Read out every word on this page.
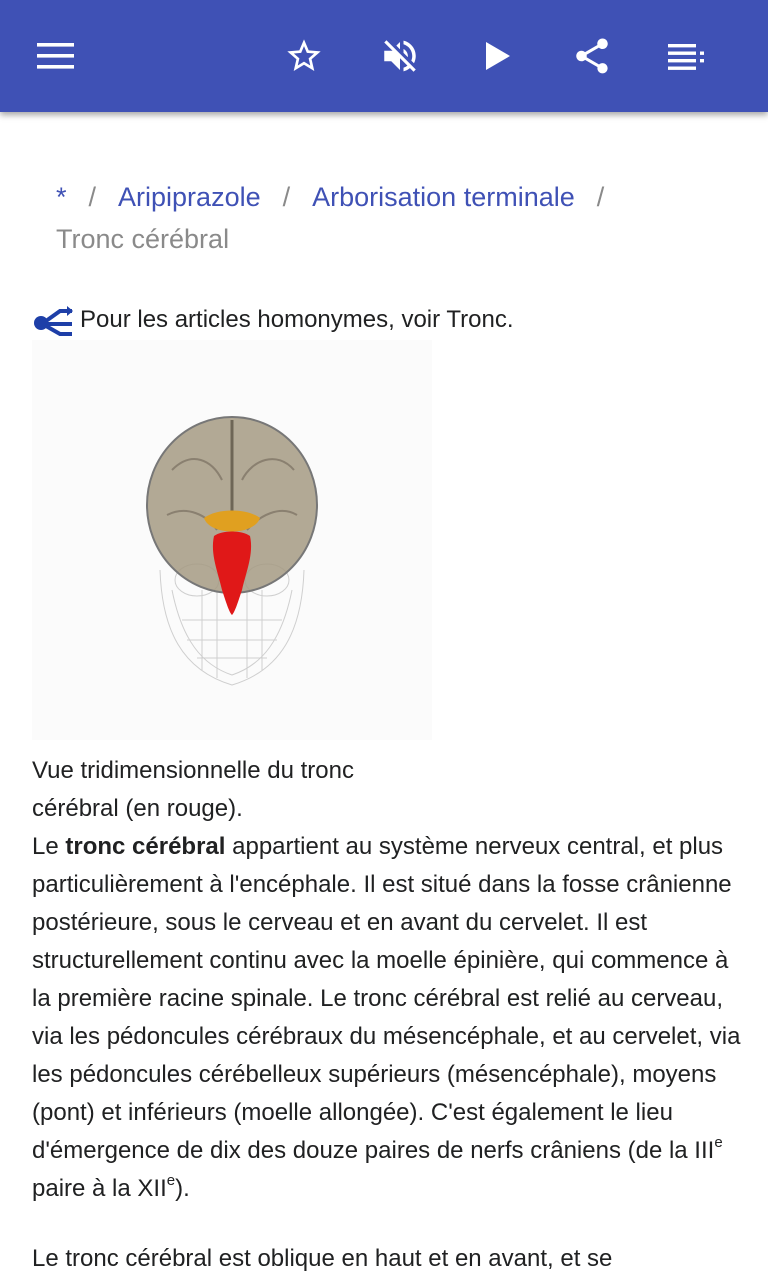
* / Aripiprazole / Arborisation terminale /
Tronc cérébral
Pour les articles homonymes, voir Tronc.
Vue tridimensionnelle du tronc cérébral (en rouge).

Le tronc cérébral appartient au système nerveux central, et plus particulièrement à l'encéphale. Il est situé dans la fosse crânienne postérieure, sous le cerveau et en avant du cervelet. Il est structurellement continu avec la moelle épinière, qui commence à la première racine spinale. Le tronc cérébral est relié au cerveau, via les pédoncules cérébraux du mésencéphale, et au cervelet, via les pédoncules cérébelleux supérieurs (mésencéphale), moyens (pont) et inférieurs (moelle allongée). C'est également le lieu d'émergence de dix des douze paires de nerfs crâniens (de la IIIe paire à la XIIe).

Le tronc cérébral est oblique en haut et en avant, et se
